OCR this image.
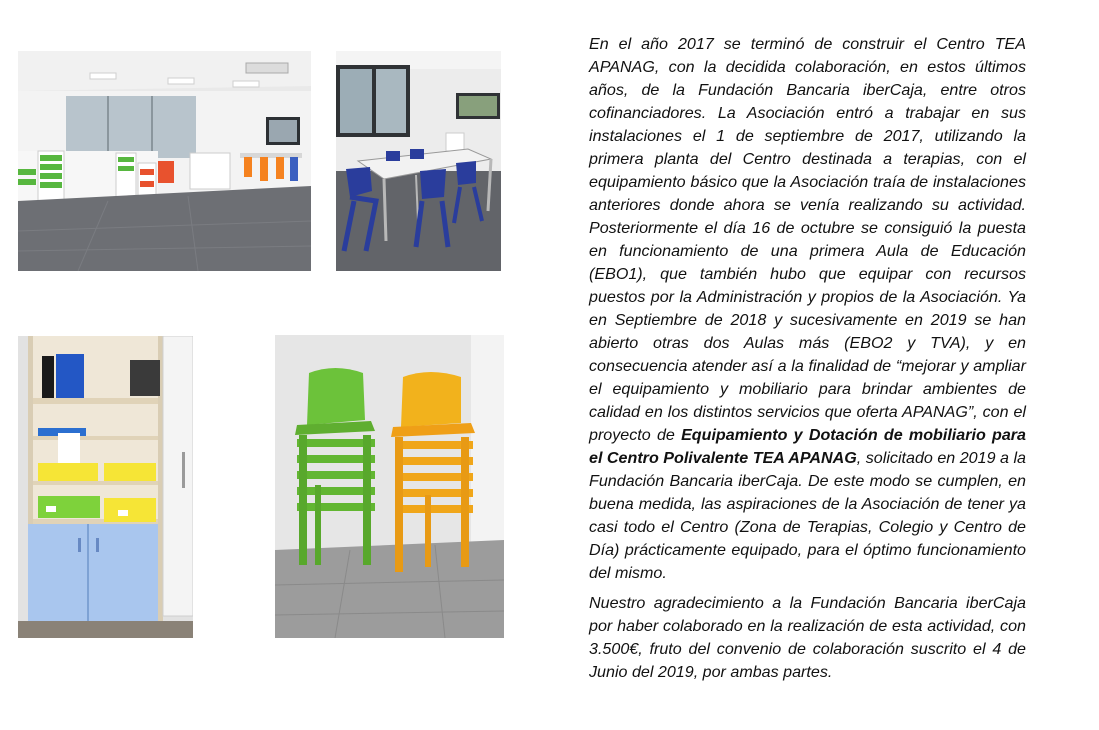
En el año 2017 se terminó de construir el Centro TEA APANAG, con la decidida colaboración, en estos últimos años, de la Fundación Bancaria iberCaja, entre otros cofinanciadores. La Asociación entró a trabajar en sus instalaciones el 1 de septiembre de 2017, utilizando la primera planta del Centro destinada a terapias, con el equipamiento básico que la Asociación traía de instalaciones anteriores donde ahora se venía realizando su actividad. Posteriormente el día 16 de octubre se consiguió la puesta en funcionamiento de una primera Aula de Educación (EBO1), que también hubo que equipar con recursos puestos por la Administración y propios de la Asociación. Ya en Septiembre de 2018 y sucesivamente en 2019 se han abierto otras dos Aulas más (EBO2 y TVA), y en consecuencia atender así a la finalidad de “mejorar y ampliar el equipamiento y mobiliario para brindar ambientes de calidad en los distintos servicios que oferta APANAG”, con el proyecto de Equipamiento y Dotación de mobiliario para el Centro Polivalente TEA APANAG, solicitado en 2019 a la Fundación Bancaria iberCaja. De este modo se cumplen, en buena medida, las aspiraciones de la Asociación de tener ya casi todo el Centro (Zona de Terapias, Colegio y Centro de Día) prácticamente equipado, para el óptimo funcionamiento del mismo.

Nuestro agradecimiento a la Fundación Bancaria iberCaja por haber colaborado en la realización de esta actividad, con 3.500€, fruto del convenio de colaboración suscrito el 4 de Junio del 2019, por ambas partes.
